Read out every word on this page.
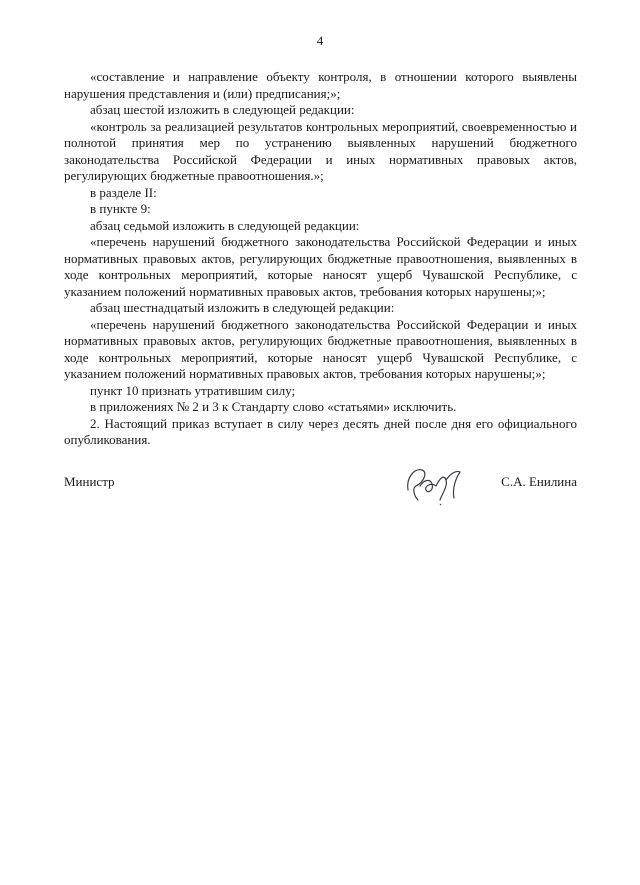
4

«составление и направление объекту контроля, в отношении которого выявлены нарушения представления и (или) предписания;»;

абзац шестой изложить в следующей редакции:

«контроль за реализацией результатов контрольных мероприятий, своевременностью и полнотой принятия мер по устранению выявленных нарушений бюджетного законодательства Российской Федерации и иных нормативных правовых актов, регулирующих бюджетные правоотношения.»;

в разделе II:

в пункте 9:

абзац седьмой изложить в следующей редакции:

«перечень нарушений бюджетного законодательства Российской Федерации и иных нормативных правовых актов, регулирующих бюджетные правоотношения, выявленных в ходе контрольных мероприятий, которые наносят ущерб Чувашской Республике, с указанием положений нормативных правовых актов, требования которых нарушены;»;

абзац шестнадцатый изложить в следующей редакции:

«перечень нарушений бюджетного законодательства Российской Федерации и иных нормативных правовых актов, регулирующих бюджетные правоотношения, выявленных в ходе контрольных мероприятий, которые наносят ущерб Чувашской Республике, с указанием положений нормативных правовых актов, требования которых нарушены;»;

пункт 10 признать утратившим силу;

в приложениях № 2 и 3 к Стандарту слово «статьями» исключить.

2. Настоящий приказ вступает в силу через десять дней после дня его официального опубликования.

Министр	С.А. Енилина
